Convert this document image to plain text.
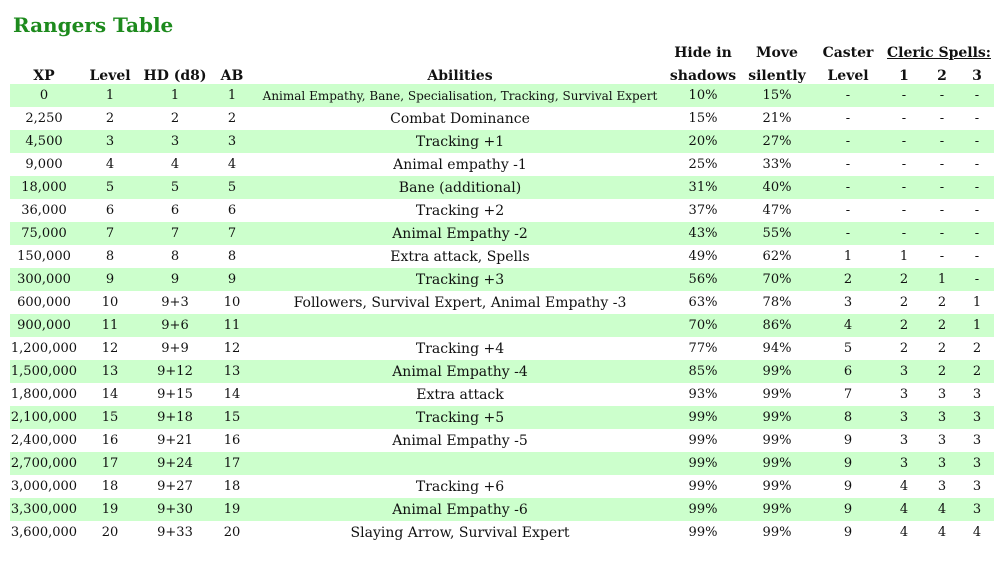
Rangers Table
					Hide in	Move	Caster	Cleric Spells:		
XP	Level	HD (d8)	AB	Abilities	shadows	silently	Level	1	2	3
0	1	1	1	Animal Empathy, Bane, Specialisation, Tracking, Survival Expert	10%	15%	-	-	-	-
2,250	2	2	2	Combat Dominance	15%	21%	-	-	-	-
4,500	3	3	3	Tracking +1	20%	27%	-	-	-	-
9,000	4	4	4	Animal empathy -1	25%	33%	-	-	-	-
18,000	5	5	5	Bane (additional)	31%	40%	-	-	-	-
36,000	6	6	6	Tracking +2	37%	47%	-	-	-	-
75,000	7	7	7	Animal Empathy -2	43%	55%	-	-	-	-
150,000	8	8	8	Extra attack, Spells	49%	62%	1	1	-	-
300,000	9	9	9	Tracking +3	56%	70%	2	2	1	-
600,000	10	9+3	10	Followers, Survival Expert, Animal Empathy -3	63%	78%	3	2	2	1
900,000	11	9+6	11		70%	86%	4	2	2	1
1,200,000	12	9+9	12	Tracking +4	77%	94%	5	2	2	2
1,500,000	13	9+12	13	Animal Empathy -4	85%	99%	6	3	2	2
1,800,000	14	9+15	14	Extra attack	93%	99%	7	3	3	3
2,100,000	15	9+18	15	Tracking +5	99%	99%	8	3	3	3
2,400,000	16	9+21	16	Animal Empathy -5	99%	99%	9	3	3	3
2,700,000	17	9+24	17		99%	99%	9	3	3	3
3,000,000	18	9+27	18	Tracking +6	99%	99%	9	4	3	3
3,300,000	19	9+30	19	Animal Empathy -6	99%	99%	9	4	4	3
3,600,000	20	9+33	20	Slaying Arrow, Survival Expert	99%	99%	9	4	4	4
